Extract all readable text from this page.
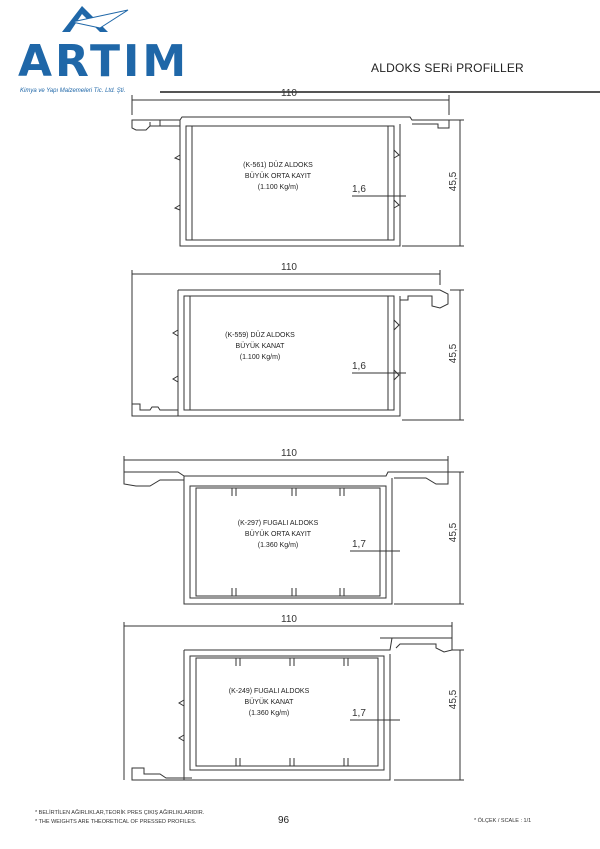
ARTIM
Kimya ve Yapı Malzemeleri Tic. Ltd. Şti.
ALDOKS SERi PROFiLLER
110
(K-561) DÜZ ALDOKS
BÜYÜK ORTA KAYIT
(1.100 Kg/m)	1,6	45,5
110
(K-559) DÜZ ALDOKS
BÜYÜK KANAT
(1.100 Kg/m)
1,6
45,5
110
(K-297) FUGALI ALDOKS
BÜYÜK ORTA KAYIT
(1.360 Kg/m)	1,7
45,5
110
(K-249) FUGALI ALDOKS
BÜYÜK KANAT
(1.360 Kg/m)	1,7
45,5
* BELİRTİLEN AĞIRLIKLAR,TEORİK PRES ÇIKIŞ AĞIRLIKLARIDIR.
* THE WEIGHTS ARE THEORETICAL OF PRESSED PROFILES.	96	* ÖLÇEK / SCALE : 1/1
